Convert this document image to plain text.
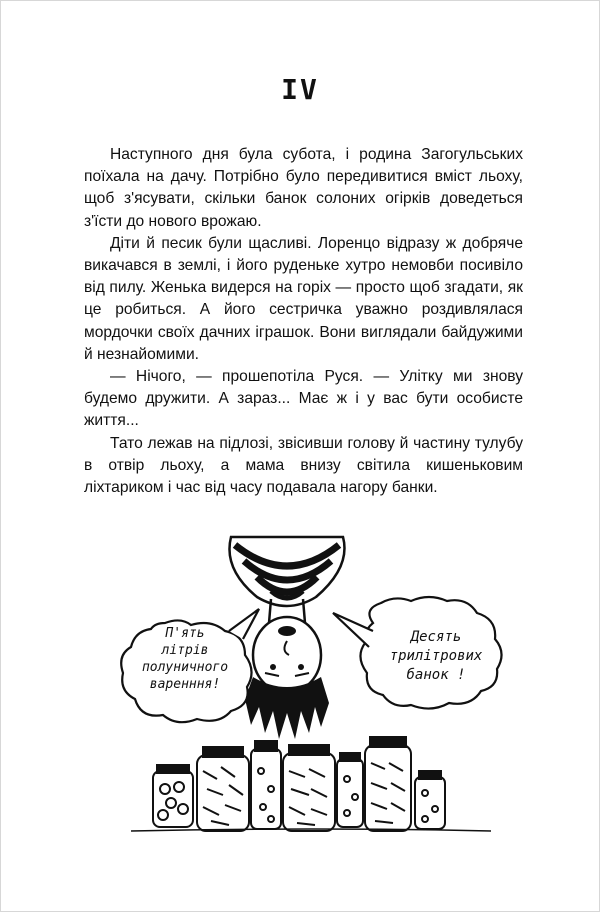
IV

Наступного дня була субота, і родина Загогульських поїхала на дачу. Потрібно було передивитися вміст льоху, щоб з'ясувати, скільки банок солоних огірків доведеться з'їсти до нового врожаю.

Діти й песик були щасливі. Лоренцо відразу ж добряче викачався в землі, і його руденьке хутро немовби посивіло від пилу. Женька видерся на горіх — просто щоб згадати, як це робиться. А його сестричка уважно роздивлялася мордочки своїх дачних іграшок. Вони виглядали байдужими й незнайомими.

— Нічого, — прошепотіла Руся. — Улітку ми знову будемо дружити. А зараз... Має ж і у вас бути особисте життя...

Тато лежав на підлозі, звісивши голову й частину тулубу в отвір льоху, а мама внизу світила кишеньковим ліхтариком і час від часу подавала нагору банки.

П'ять
літрів
полуничного
варенння!
Десять
трилітрових
банок !
